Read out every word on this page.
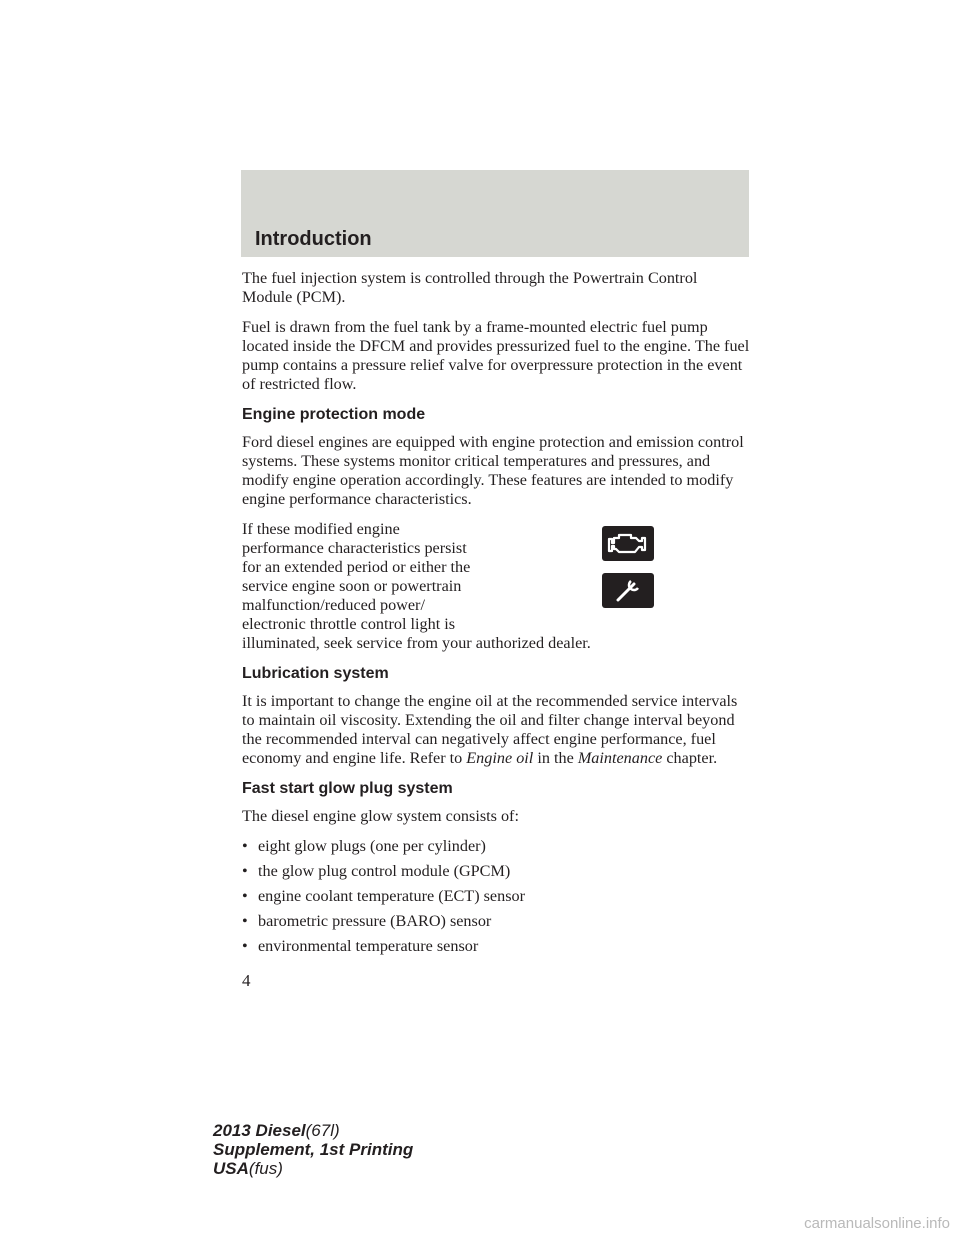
Introduction

The fuel injection system is controlled through the Powertrain Control Module (PCM).

Fuel is drawn from the fuel tank by a frame-mounted electric fuel pump located inside the DFCM and provides pressurized fuel to the engine. The fuel pump contains a pressure relief valve for overpressure protection in the event of restricted flow.

Engine protection mode

Ford diesel engines are equipped with engine protection and emission control systems. These systems monitor critical temperatures and pressures, and modify engine operation accordingly. These features are intended to modify engine performance characteristics.

If these modified engine
performance characteristics persist
for an extended period or either the
service engine soon or powertrain
malfunction/reduced power/
electronic throttle control light is
illuminated, seek service from your authorized dealer.

Lubrication system

It is important to change the engine oil at the recommended service intervals to maintain oil viscosity. Extending the oil and filter change interval beyond the recommended interval can negatively affect engine performance, fuel economy and engine life. Refer to Engine oil in the Maintenance chapter.

Fast start glow plug system

The diesel engine glow system consists of:

• eight glow plugs (one per cylinder)
• the glow plug control module (GPCM)
• engine coolant temperature (ECT) sensor
• barometric pressure (BARO) sensor
• environmental temperature sensor
4
2013 Diesel(67l)
Supplement, 1st Printing
USA(fus)
carmanualsonline.info
